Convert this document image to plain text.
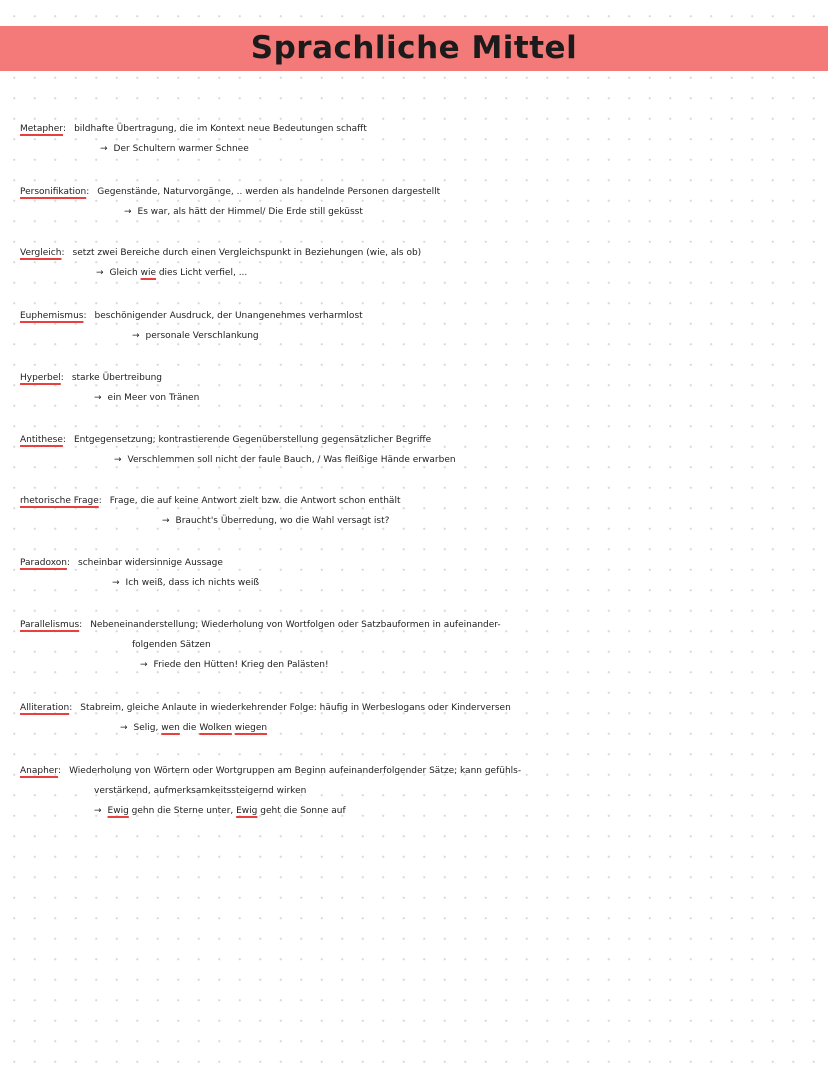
Sprachliche Mittel
Metapher: bildhafte Übertragung, die im Kontext neue Bedeutungen schafft
→ Der Schultern warmer Schnee
Personifikation: Gegenstände, Naturvorgänge, .. werden als handelnde Personen dargestellt
→ Es war, als hätt der Himmel/ Die Erde still geküsst
Vergleich: setzt zwei Bereiche durch einen Vergleichspunkt in Beziehungen (wie, als ob)
→ Gleich wie dies Licht verfiel, ...
Euphemismus: beschönigender Ausdruck, der Unangenehmes verharmlost
→ personale Verschlankung
Hyperbel: starke Übertreibung
→ ein Meer von Tränen
Antithese: Entgegensetzung; kontrastierende Gegenüberstellung gegensätzlicher Begriffe
→ Verschlemmen soll nicht der faule Bauch, / Was fleißige Hände erwarben
rhetorische Frage: Frage, die auf keine Antwort zielt bzw. die Antwort schon enthält
→ Braucht's Überredung, wo die Wahl versagt ist?
Paradoxon: scheinbar widersinnige Aussage
→ Ich weiß, dass ich nichts weiß
Parallelismus: Nebeneinanderstellung; Wiederholung von Wortfolgen oder Satzbauformen in aufeinander-
folgenden Sätzen
→ Friede den Hütten! Krieg den Palästen!
Alliteration: Stabreim, gleiche Anlaute in wiederkehrender Folge: häufig in Werbeslogans oder Kinderversen
→ Selig, wen die Wolken wiegen
Anapher: Wiederholung von Wörtern oder Wortgruppen am Beginn aufeinanderfolgender Sätze; kann gefühls-
verstärkend, aufmerksamkeitssteigernd wirken
→ Ewig gehn die Sterne unter, Ewig geht die Sonne auf
